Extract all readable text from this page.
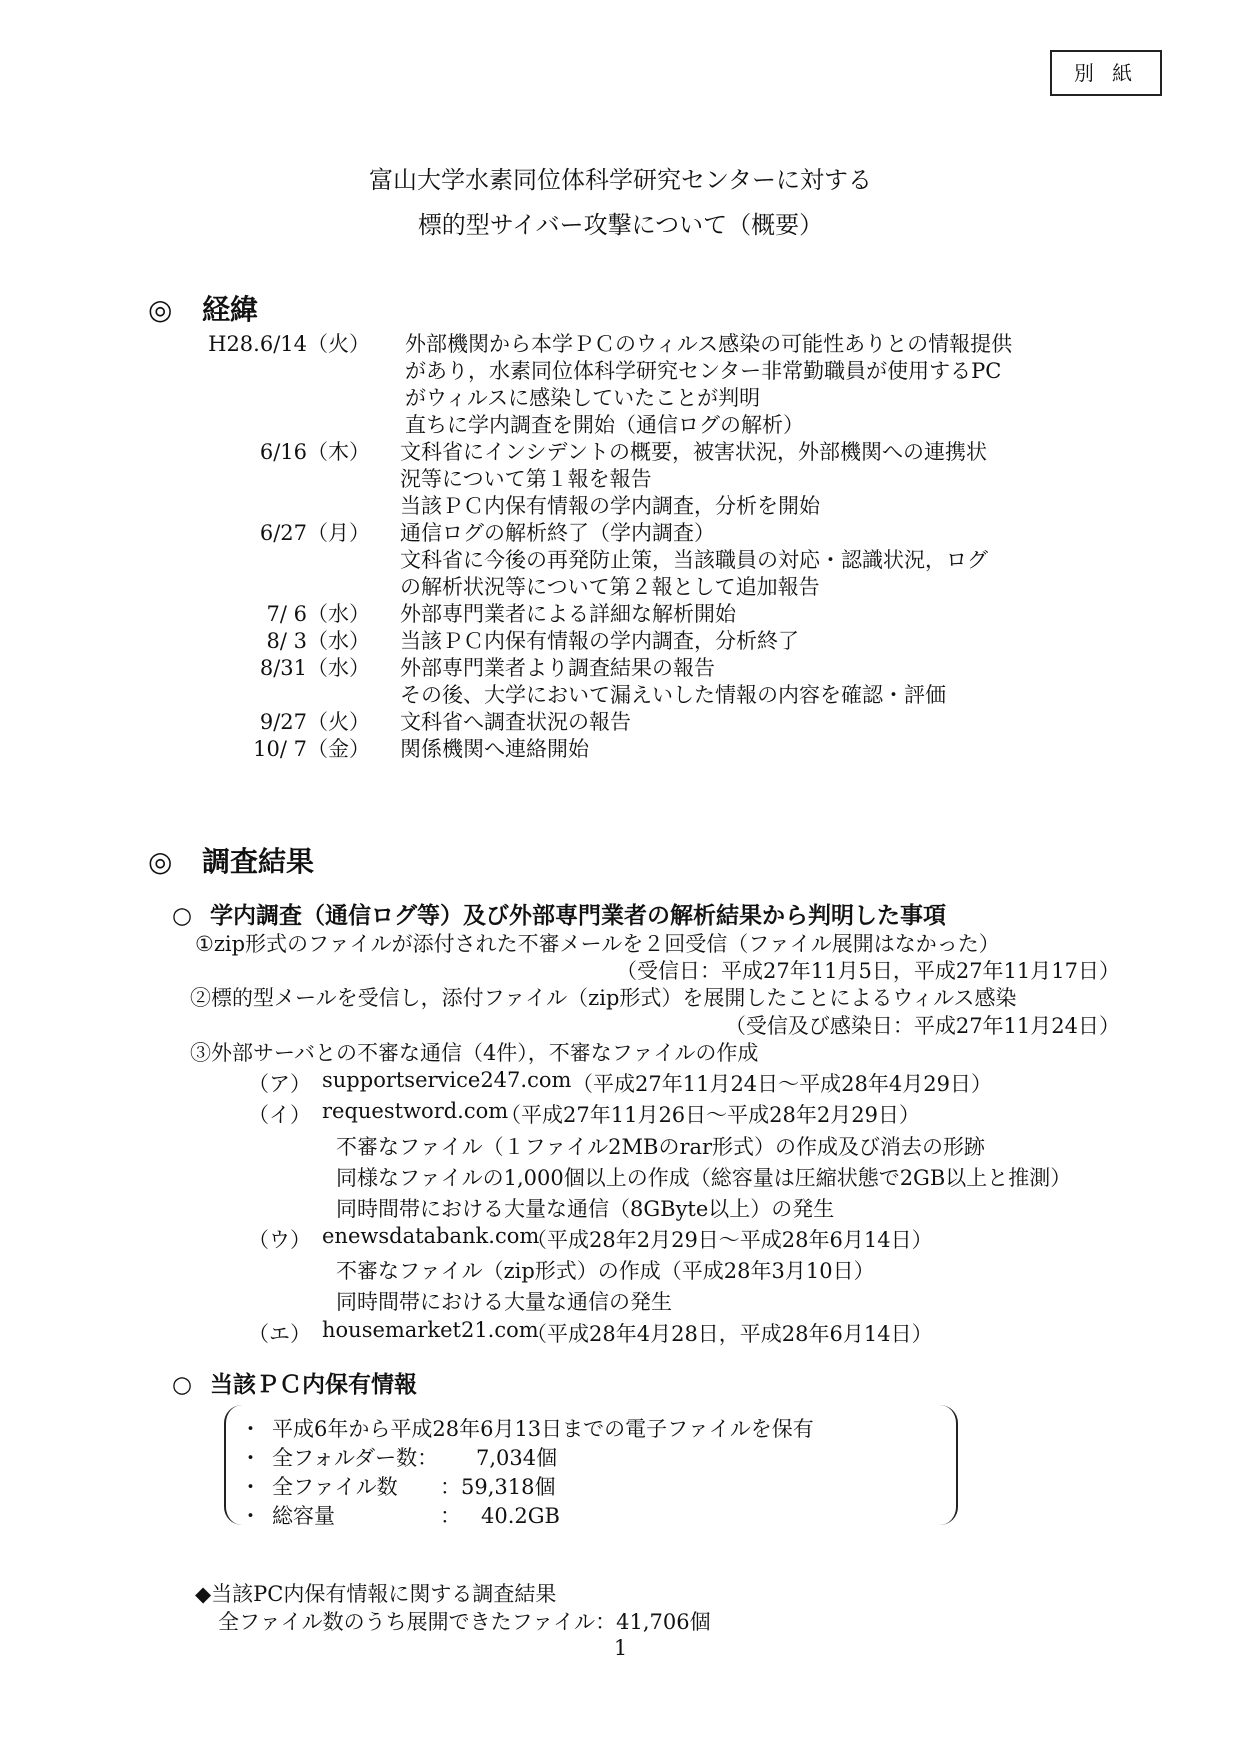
別 紙
富山大学水素同位体科学研究センターに対する
標的型サイバー攻撃について（概要）
◎ 経緯
H28.6/14（火） 外部機関から本学ＰＣのウィルス感染の可能性ありとの情報提供
があり，水素同位体科学研究センター非常勤職員が使用するPC
がウィルスに感染していたことが判明
直ちに学内調査を開始（通信ログの解析）
6/16（木） 文科省にインシデントの概要，被害状況，外部機関への連携状
況等について第１報を報告
当該ＰＣ内保有情報の学内調査，分析を開始
6/27（月） 通信ログの解析終了（学内調査）
文科省に今後の再発防止策，当該職員の対応・認識状況，ログ
の解析状況等について第２報として追加報告
7/ 6（水） 外部専門業者による詳細な解析開始
8/ 3（水） 当該ＰＣ内保有情報の学内調査，分析終了
8/31（水） 外部専門業者より調査結果の報告
その後、大学において漏えいした情報の内容を確認・評価
9/27（火） 文科省へ調査状況の報告
10/ 7（金） 関係機関へ連絡開始
◎ 調査結果
○ 学内調査（通信ログ等）及び外部専門業者の解析結果から判明した事項
①zip形式のファイルが添付された不審メールを２回受信（ファイル展開はなかった）
（受信日：平成27年11月5日，平成27年11月17日）
②標的型メールを受信し，添付ファイル（zip形式）を展開したことによるウィルス感染
（受信及び感染日：平成27年11月24日）
③外部サーバとの不審な通信（4件），不審なファイルの作成
（ア） supportservice247.com （平成27年11月24日～平成28年4月29日）
（イ） requestword.com
（平成27年11月26日～平成28年2月29日）
不審なファイル（１ファイル2MBのrar形式）の作成及び消去の形跡
同様なファイルの1,000個以上の作成（総容量は圧縮状態で2GB以上と推測）
同時間帯における大量な通信（8GByte以上）の発生
（ウ） enewsdatabank.com
（平成28年2月29日～平成28年6月14日）
不審なファイル（zip形式）の作成（平成28年3月10日）
同時間帯における大量な通信の発生
（エ） housemarket21.com
（平成28年4月28日，平成28年6月14日）
○ 当該ＰＣ内保有情報
・ 平成6年から平成28年6月13日までの電子ファイルを保有
・ 全フォルダー数： 7,034個
・ 全ファイル数 ：59,318個
・ 総容量	：   40.2GB
◆当該PC内保有情報に関する調査結果
全ファイル数のうち展開できたファイル：41,706個
1
